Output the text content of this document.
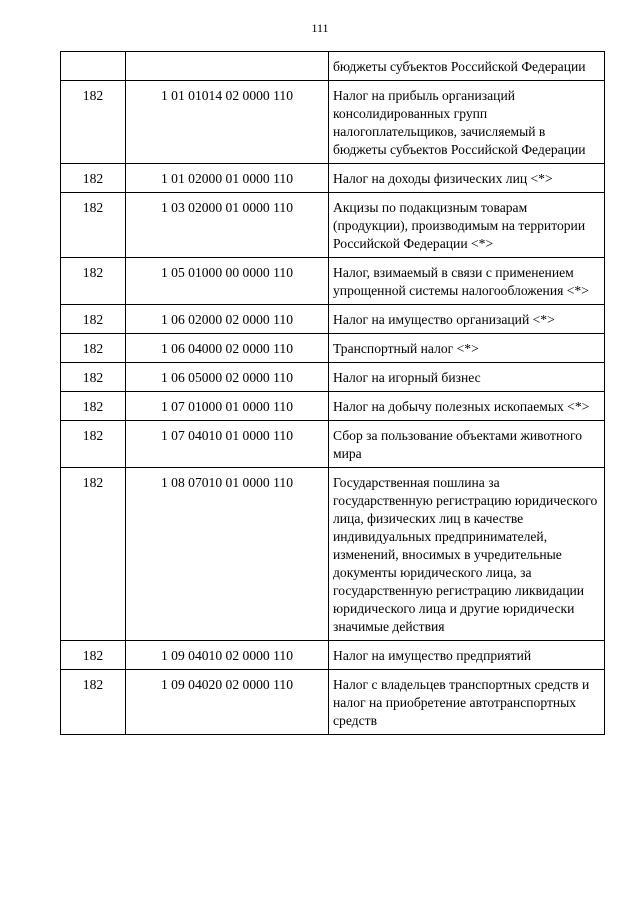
111
		бюджеты субъектов Российской Федерации
182	1 01 01014 02 0000 110	Налог на прибыль организаций консолидированных групп налогоплательщиков, зачисляемый в бюджеты субъектов Российской Федерации
182	1 01 02000 01 0000 110	Налог на доходы физических лиц <*>
182	1 03 02000 01 0000 110	Акцизы по подакцизным товарам (продукции), производимым на территории Российской Федерации <*>
182	1 05 01000 00 0000 110	Налог, взимаемый в связи с применением упрощенной системы налогообложения <*>
182	1 06 02000 02 0000 110	Налог на имущество организаций <*>
182	1 06 04000 02 0000 110	Транспортный налог <*>
182	1 06 05000 02 0000 110	Налог на игорный бизнес
182	1 07 01000 01 0000 110	Налог на добычу полезных ископаемых <*>
182	1 07 04010 01 0000 110	Сбор за пользование объектами животного мира
182	1 08 07010 01 0000 110	Государственная пошлина за государственную регистрацию юридического лица, физических лиц в качестве индивидуальных предпринимателей, изменений, вносимых в учредительные документы юридического лица, за государственную регистрацию ликвидации юридического лица и другие юридически значимые действия
182	1 09 04010 02 0000 110	Налог на имущество предприятий
182	1 09 04020 02 0000 110	Налог с владельцев транспортных средств и налог на приобретение автотранспортных средств
